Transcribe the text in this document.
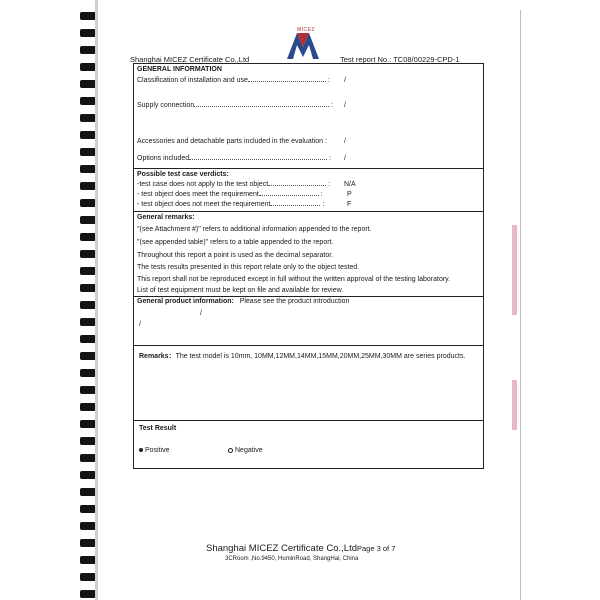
MICEZ
Shanghai MICEZ Certificate Co.,Ltd	Test report No.: TC08/00229-CPD-1
GENERAL INFORMATION
Classification of installation and use	: /
Supply connection	: /
Accessories and detachable parts included in the evaluation : /
Options included	: /
Possible test case verdicts:
-test case does not apply to the test object	: N/A
- test object does meet the requirement	:	P
- test object does not meet the requirement	:	F
General remarks:
"(see Attachment #)" refers to additional information appended to the report.
"(see appended table)" refers to a table appended to the report.
Throughout this report a point is used as the decimal separator.
The tests results presented in this report relate only to the object tested.
This report shall not be reproduced except in full without the written approval of the testing laboratory.
List of test equipment must be kept on file and available for review.
General product information: Please see the product introduction
/
/
Remarks：The test model is 10mm, 10MM,12MM,14MM,15MM,20MM,25MM,30MM are series products.
Test Result
Positive	Negative
Shanghai MICEZ Certificate Co.,Ltd Page 3 of 7
3CRoom ,No.9450, HuminRoad, ShangHai, China
